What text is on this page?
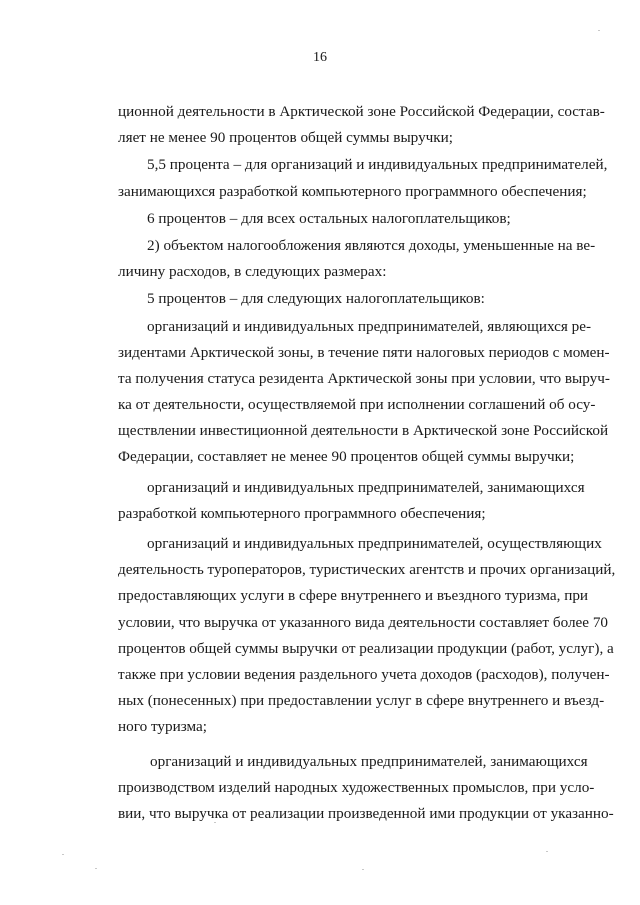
16
ционной деятельности в Арктической зоне Российской Федерации, состав-
ляет не менее 90 процентов общей суммы выручки;
5,5 процента – для организаций и индивидуальных предпринимателей,
занимающихся разработкой компьютерного программного обеспечения;
6 процентов – для всех остальных налогоплательщиков;
2) объектом налогообложения являются доходы, уменьшенные на ве-
личину расходов, в следующих размерах:
5 процентов – для следующих налогоплательщиков:
организаций и индивидуальных предпринимателей, являющихся ре-
зидентами Арктической зоны, в течение пяти налоговых периодов с момен-
та получения статуса резидента Арктической зоны при условии, что выруч-
ка от деятельности, осуществляемой при исполнении соглашений об осу-
ществлении инвестиционной деятельности в Арктической зоне Российской
Федерации, составляет не менее 90 процентов общей суммы выручки;
организаций и индивидуальных предпринимателей, занимающихся
разработкой компьютерного программного обеспечения;
организаций и индивидуальных предпринимателей, осуществляющих
деятельность туроператоров, туристических агентств и прочих организаций,
предоставляющих услуги в сфере внутреннего и въездного туризма, при
условии, что выручка от указанного вида деятельности составляет более 70
процентов общей суммы выручки от реализации продукции (работ, услуг), а
также при условии ведения раздельного учета доходов (расходов), получен-
ных (понесенных) при предоставлении услуг в сфере внутреннего и въезд-
ного туризма;
организаций и индивидуальных предпринимателей, занимающихся
производством изделий народных художественных промыслов, при усло-
вии, что выручка от реализации произведенной ими продукции от указанно-
